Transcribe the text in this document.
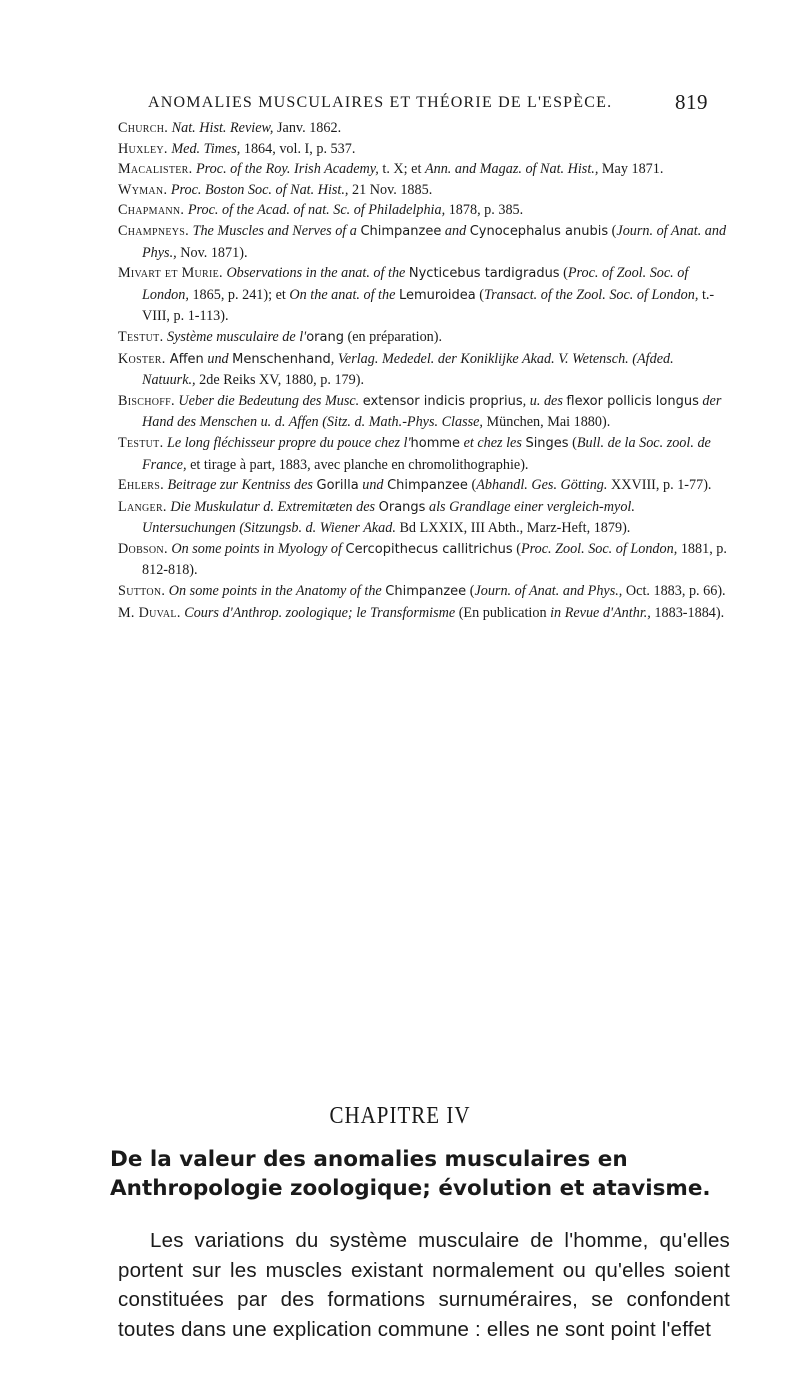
ANOMALIES MUSCULAIRES ET THÉORIE DE L'ESPÈCE.	819

Church. Nat. Hist. Review, Janv. 1862.

Huxley. Med. Times, 1864, vol. I, p. 537.

Macalister. Proc. of the Roy. Irish Academy, t. X; et Ann. and Magaz. of Nat. Hist., May 1871.

Wyman. Proc. Boston Soc. of Nat. Hist., 21 Nov. 1885.

Chapmann. Proc. of the Acad. of nat. Sc. of Philadelphia, 1878, p. 385.

Champneys. The Muscles and Nerves of a Chimpanzee and Cynocephalus anubis (Journ. of Anat. and Phys., Nov. 1871).

Mivart et Murie. Observations in the anat. of the Nycticebus tardigradus (Proc. of Zool. Soc. of London, 1865, p. 241); et On the anat. of the Lemuroidea (Transact. of the Zool. Soc. of London, t.-VIII, p. 1-113).

Testut. Système musculaire de l'orang (en préparation).

Koster. Affen und Menschenhand, Verlag. Mededel. der Koniklijke Akad. V. Wetensch. (Afded. Natuurk., 2de Reiks XV, 1880, p. 179).

Bischoff. Ueber die Bedeutung des Musc. extensor indicis proprius, u. des flexor pollicis longus der Hand des Menschen u. d. Affen (Sitz. d. Math.-Phys. Classe, München, Mai 1880).

Testut. Le long fléchisseur propre du pouce chez l'homme et chez les Singes (Bull. de la Soc. zool. de France, et tirage à part, 1883, avec planche en chromolithographie).

Ehlers. Beitrage zur Kentniss des Gorilla und Chimpanzee (Abhandl. Ges. Götting. XXVIII, p. 1-77).

Langer. Die Muskulatur d. Extremitæten des Orangs als Grandlage einer vergleich-myol. Untersuchungen (Sitzungsb. d. Wiener Akad. Bd LXXIX, III Abth., Marz-Heft, 1879).

Dobson. On some points in Myology of Cercopithecus callitrichus (Proc. Zool. Soc. of London, 1881, p. 812-818).

Sutton. On some points in the Anatomy of the Chimpanzee (Journ. of Anat. and Phys., Oct. 1883, p. 66).

M. Duval. Cours d'Anthrop. zoologique; le Transformisme (En publication in Revue d'Anthr., 1883-1884).

CHAPITRE IV
De la valeur des anomalies musculaires en Anthropologie zoologique; évolution et atavisme.

Les variations du système musculaire de l'homme, qu'elles portent sur les muscles existant normalement ou qu'elles soient constituées par des formations surnuméraires, se confondent toutes dans une explication commune : elles ne sont point l'effet
